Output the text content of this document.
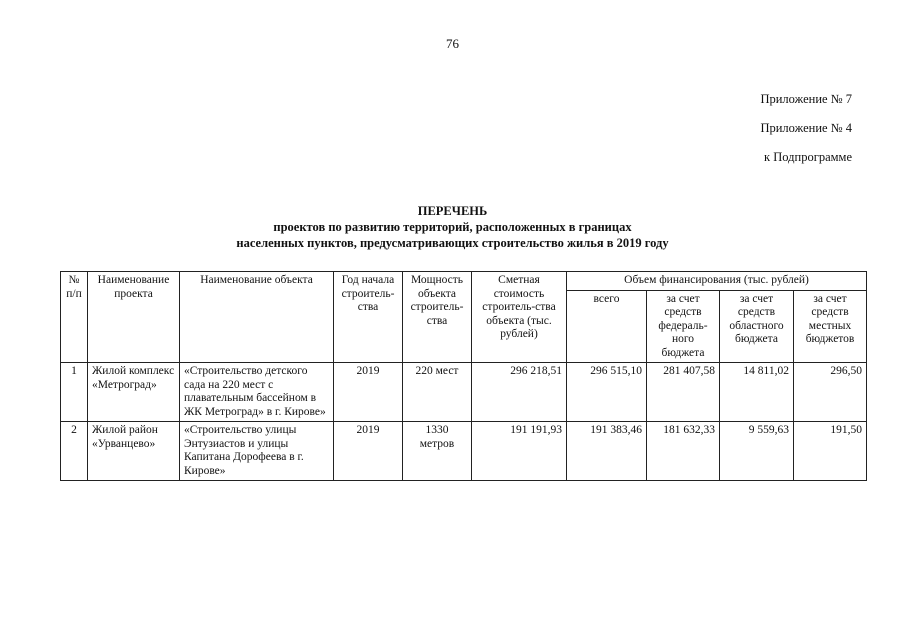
76
Приложение № 7
Приложение № 4
к Подпрограмме
ПЕРЕЧЕНЬ
проектов по развитию территорий, расположенных в границах
населенных пунктов, предусматривающих строительство жилья в 2019 году
№ п/п	Наименование проекта	Наименование объекта	Год начала строитель-ства	Мощность объекта строитель-ства	Сметная стоимость строитель-ства объекта (тыс. рублей)	Объем финансирования (тыс. рублей)			
						всего	за счет средств федераль-ного бюджета	за счет средств областного бюджета	за счет средств местных бюджетов
1	Жилой комплекс «Метроград»	«Строительство детского сада на 220 мест с плавательным бассейном в ЖК Метроград» в г. Кирове»	2019	220 мест	296 218,51	296 515,10	281 407,58	14 811,02	296,50
2	Жилой район «Урванцево»	«Строительство улицы Энтузиастов и улицы Капитана Дорофеева в г. Кирове»	2019	1330 метров	191 191,93	191 383,46	181 632,33	9 559,63	191,50
